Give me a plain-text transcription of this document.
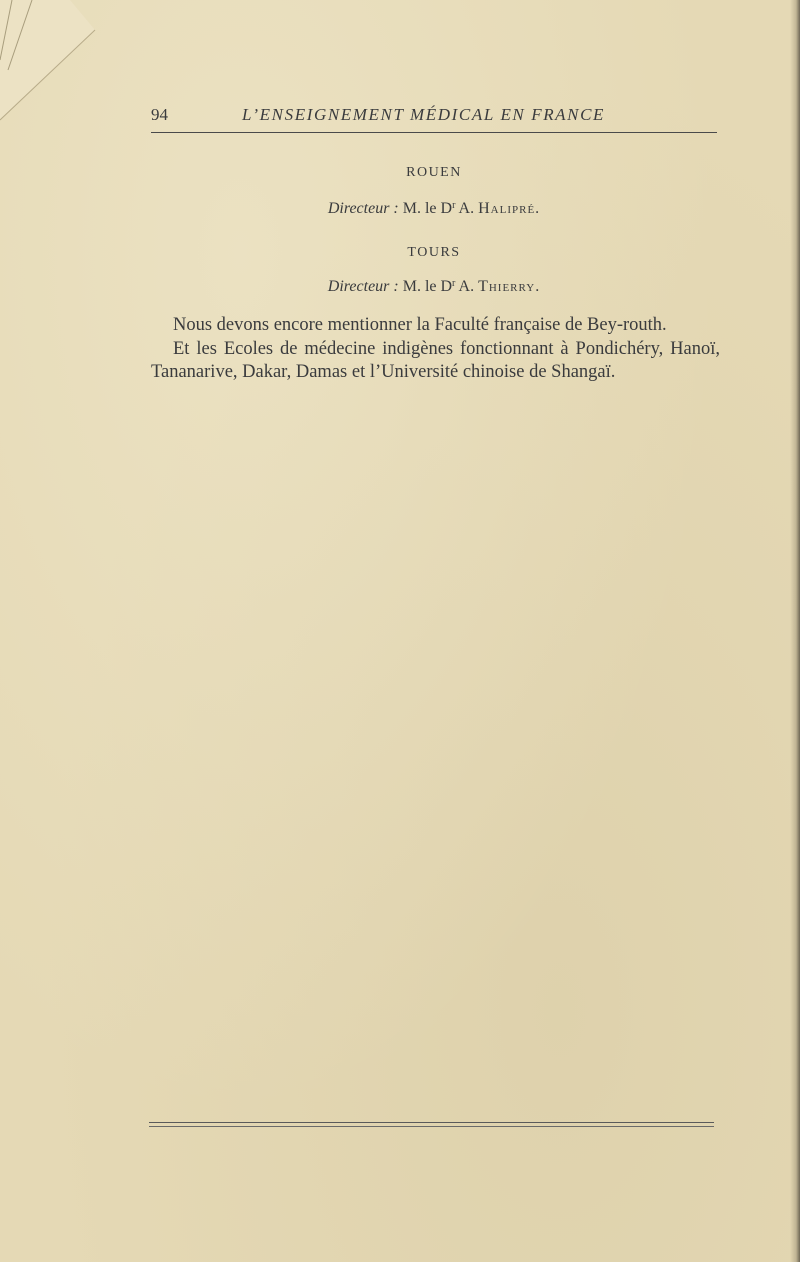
94	L’ENSEIGNEMENT MÉDICAL EN FRANCE
ROUEN
Directeur : M. le $D^r$ A. Halipré.
TOURS
Directeur : M. le $D^r$ A. Thierry.

Nous devons encore mentionner la Faculté française de Bey-routh.

Et les Ecoles de médecine indigènes fonctionnant à Pondichéry, Hanoï, Tananarive, Dakar, Damas et l’Université chinoise de Shangaï.
